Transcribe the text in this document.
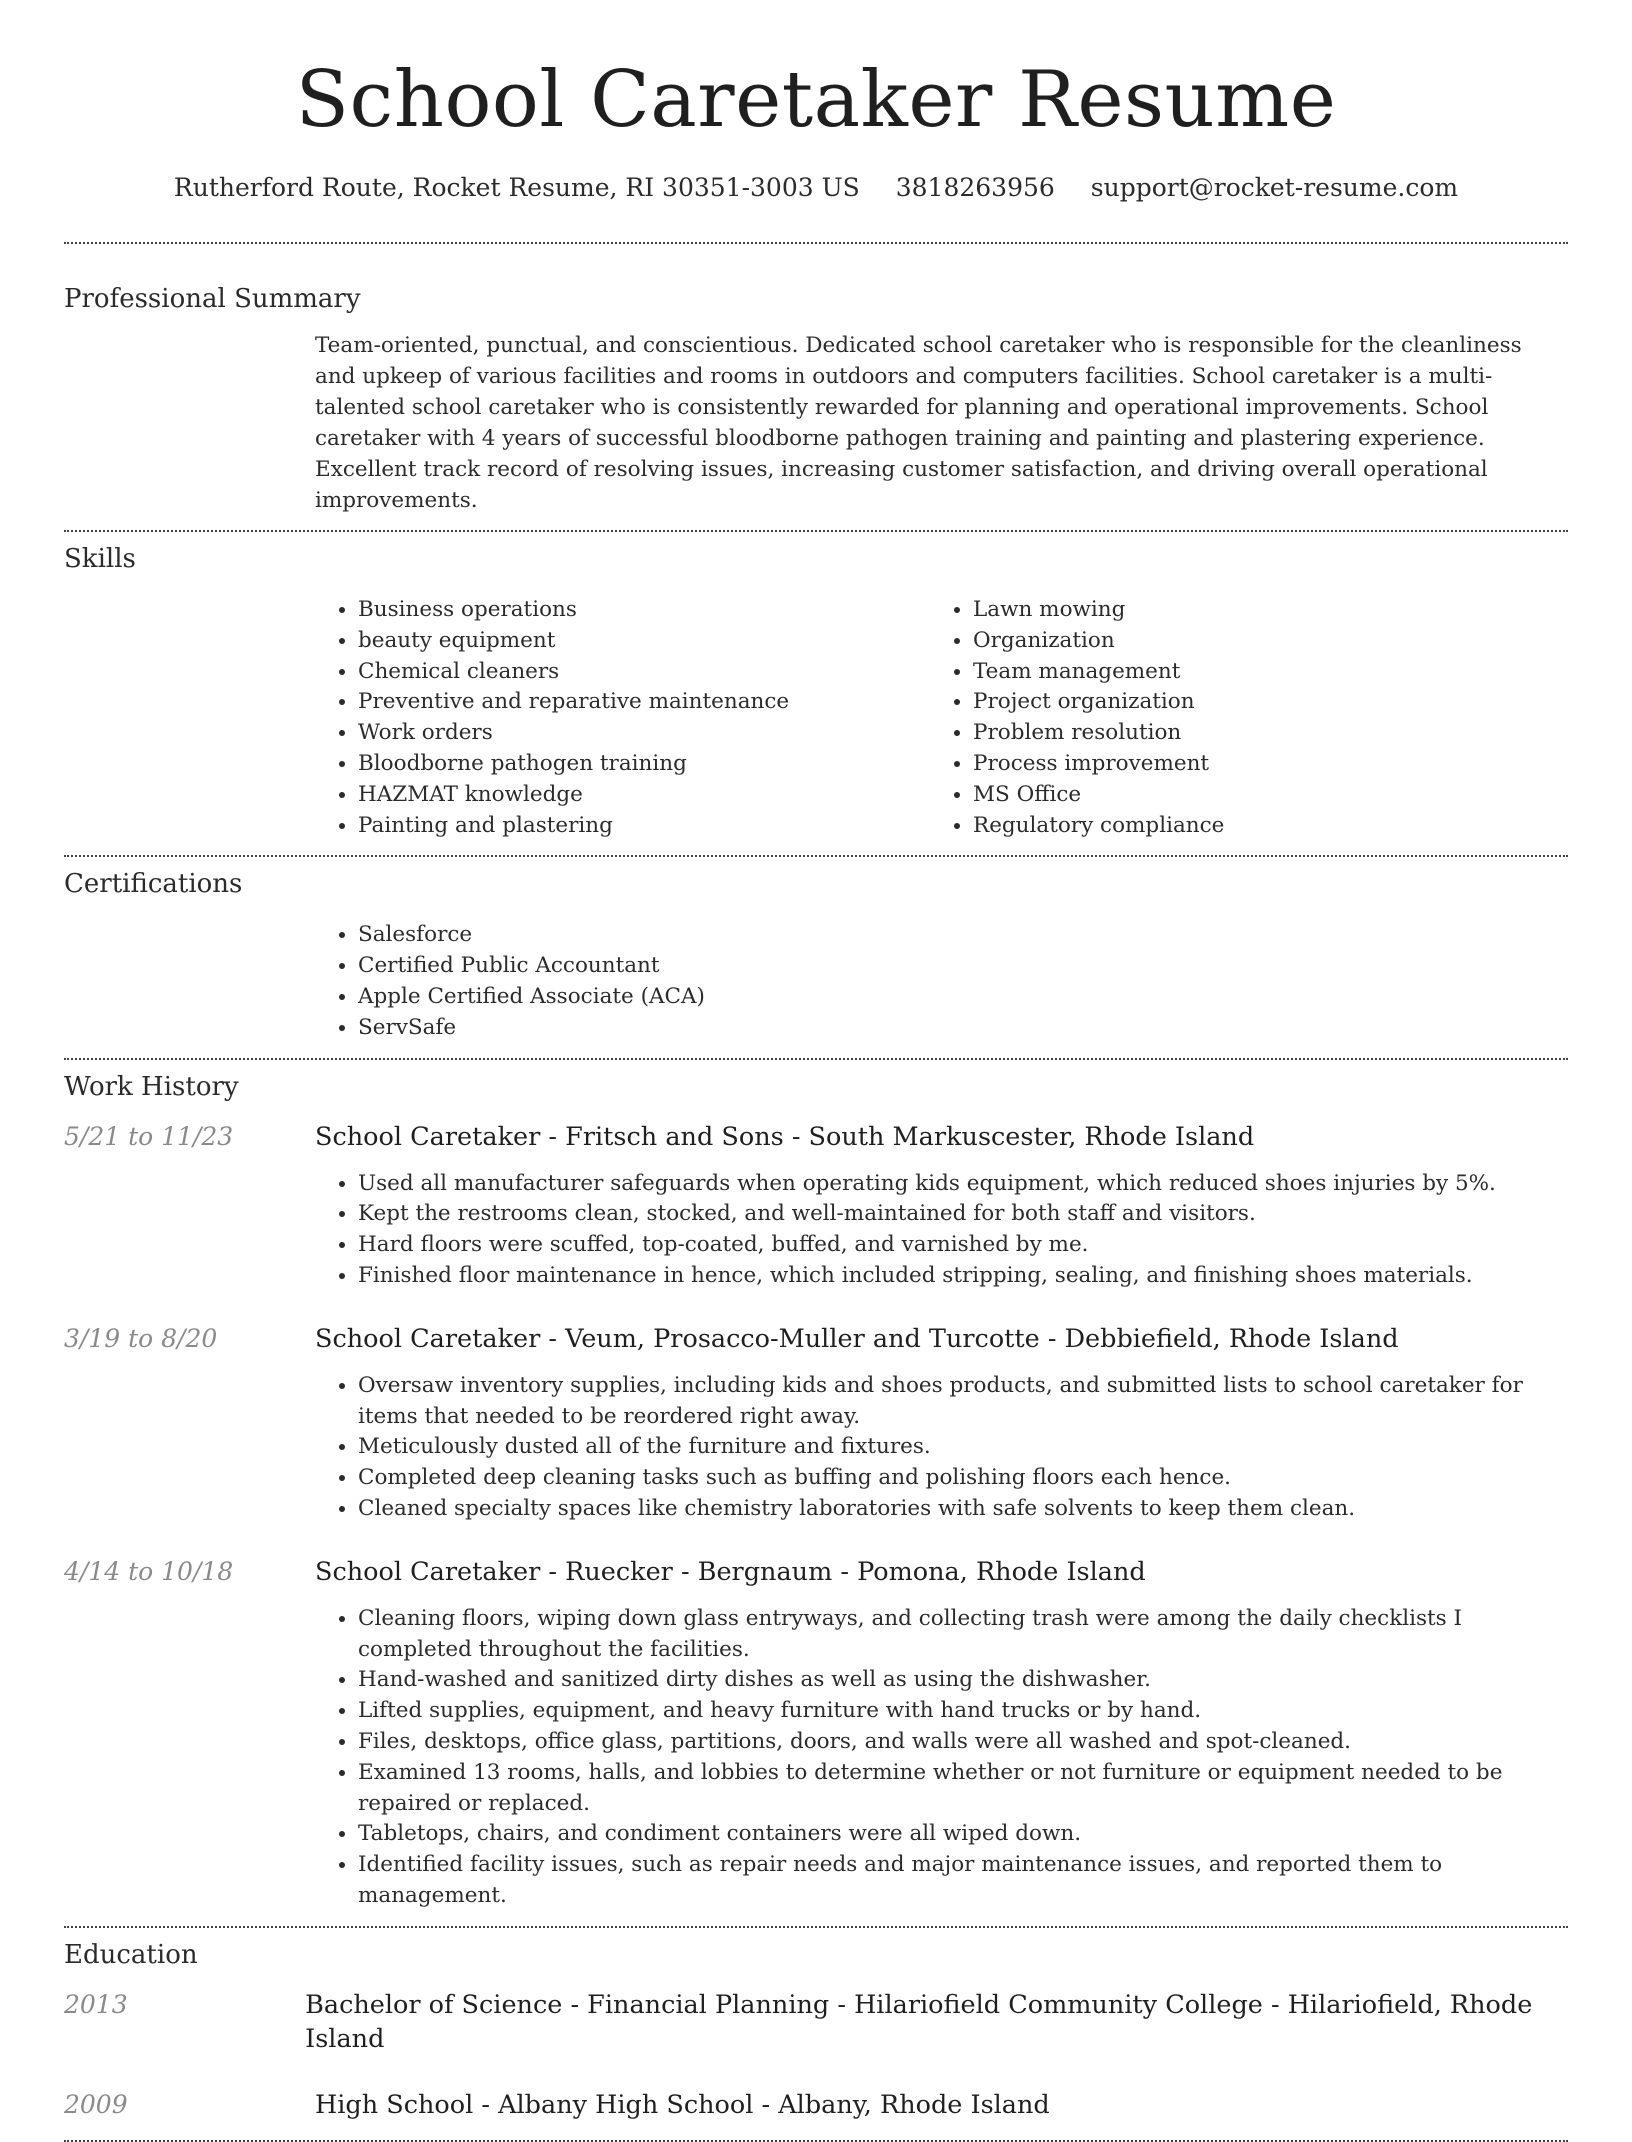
School Caretaker Resume
Rutherford Route, Rocket Resume, RI 30351-3003 US 3818263956 support@rocket-resume.com
Professional Summary
Team-oriented, punctual, and conscientious. Dedicated school caretaker who is responsible for the cleanliness and upkeep of various facilities and rooms in outdoors and computers facilities. School caretaker is a multi-talented school caretaker who is consistently rewarded for planning and operational improvements. School caretaker with 4 years of successful bloodborne pathogen training and painting and plastering experience. Excellent track record of resolving issues, increasing customer satisfaction, and driving overall operational improvements.
Skills
• Business operations
• beauty equipment
• Chemical cleaners
• Preventive and reparative maintenance
• Work orders
• Bloodborne pathogen training
• HAZMAT knowledge
• Painting and plastering
• Lawn mowing
• Organization
• Team management
• Project organization
• Problem resolution
• Process improvement
• MS Office
• Regulatory compliance
Certifications
• Salesforce
• Certified Public Accountant
• Apple Certified Associate (ACA)
• ServSafe
Work History
5/21 to 11/23	School Caretaker - Fritsch and Sons - South Markuscester, Rhode Island
• Used all manufacturer safeguards when operating kids equipment, which reduced shoes injuries by 5%.
• Kept the restrooms clean, stocked, and well-maintained for both staff and visitors.
• Hard floors were scuffed, top-coated, buffed, and varnished by me.
• Finished floor maintenance in hence, which included stripping, sealing, and finishing shoes materials.
3/19 to 8/20	School Caretaker - Veum, Prosacco-Muller and Turcotte - Debbiefield, Rhode Island
• Oversaw inventory supplies, including kids and shoes products, and submitted lists to school caretaker for items that needed to be reordered right away.
• Meticulously dusted all of the furniture and fixtures.
• Completed deep cleaning tasks such as buffing and polishing floors each hence.
• Cleaned specialty spaces like chemistry laboratories with safe solvents to keep them clean.
4/14 to 10/18	School Caretaker - Ruecker - Bergnaum - Pomona, Rhode Island
• Cleaning floors, wiping down glass entryways, and collecting trash were among the daily checklists I completed throughout the facilities.
• Hand-washed and sanitized dirty dishes as well as using the dishwasher.
• Lifted supplies, equipment, and heavy furniture with hand trucks or by hand.
• Files, desktops, office glass, partitions, doors, and walls were all washed and spot-cleaned.
• Examined 13 rooms, halls, and lobbies to determine whether or not furniture or equipment needed to be repaired or replaced.
• Tabletops, chairs, and condiment containers were all wiped down.
• Identified facility issues, such as repair needs and major maintenance issues, and reported them to management.
Education
2013	Bachelor of Science - Financial Planning - Hilariofield Community College - Hilariofield, Rhode Island
2009	High School - Albany High School - Albany, Rhode Island
